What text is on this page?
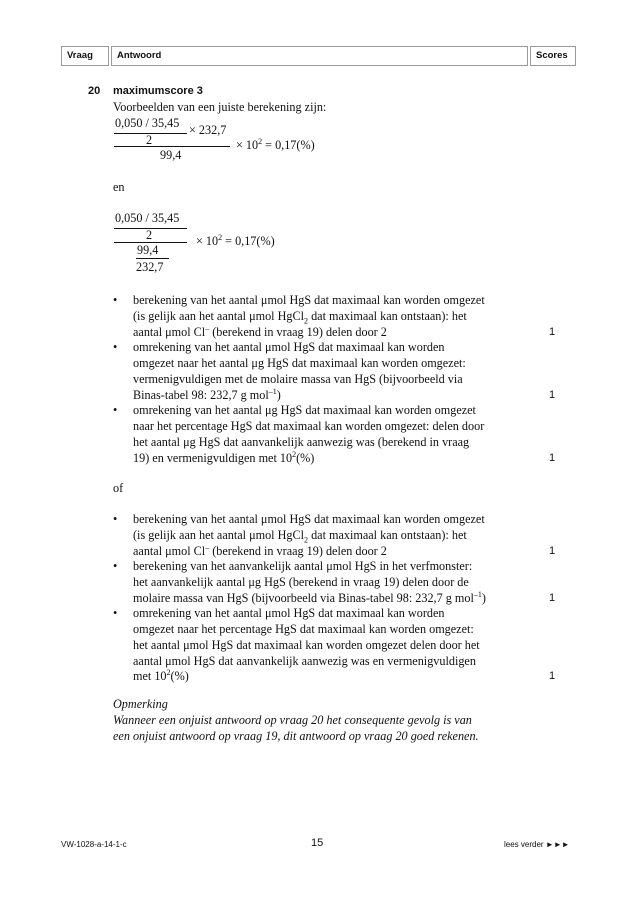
Vraag	Antwoord	Scores
20 maximumscore 3
Voorbeelden van een juiste berekening zijn:
0,050 / 35,45 × 232,7
2
99,4
× $10^2 = 0,17(\%)$
en
0,050 / 35,45
2
99,4
232,7
× $10^2 = 0,17(\%)$
• berekening van het aantal μmol HgS dat maximaal kan worden omgezet
(is gelijk aan het aantal μmol HgCl$_2$ dat maximaal kan ontstaan): het
aantal μmol Cl– (berekend in vraag 19) delen door 2	1
• omrekening van het aantal μmol HgS dat maximaal kan worden
omgezet naar het aantal μg HgS dat maximaal kan worden omgezet:
vermenigvuldigen met de molaire massa van HgS (bijvoorbeeld via
Binas-tabel 98: 232,7 g mol$^{-1}$)	1
• omrekening van het aantal μg HgS dat maximaal kan worden omgezet
naar het percentage HgS dat maximaal kan worden omgezet: delen door
het aantal μg HgS dat aanvankelijk aanwezig was (berekend in vraag
19) en vermenigvuldigen met $10^2(\%)$	1
of
• berekening van het aantal μmol HgS dat maximaal kan worden omgezet
(is gelijk aan het aantal μmol HgCl$_2$ dat maximaal kan ontstaan): het
aantal μmol Cl– (berekend in vraag 19) delen door 2	1
• berekening van het aanvankelijk aantal μmol HgS in het verfmonster:
het aanvankelijk aantal μg HgS (berekend in vraag 19) delen door de
molaire massa van HgS (bijvoorbeeld via Binas-tabel 98: 232,7 g mol$^{-1}$)	1
• omrekening van het aantal μmol HgS dat maximaal kan worden
omgezet naar het percentage HgS dat maximaal kan worden omgezet:
het aantal μmol HgS dat maximaal kan worden omgezet delen door het
aantal μmol HgS dat aanvankelijk aanwezig was en vermenigvuldigen
met $10^2(\%)$	1
Opmerking
Wanneer een onjuist antwoord op vraag 20 het consequente gevolg is van
een onjuist antwoord op vraag 19, dit antwoord op vraag 20 goed rekenen.
VW-1028-a-14-1-c	15	lees verder ►►►
